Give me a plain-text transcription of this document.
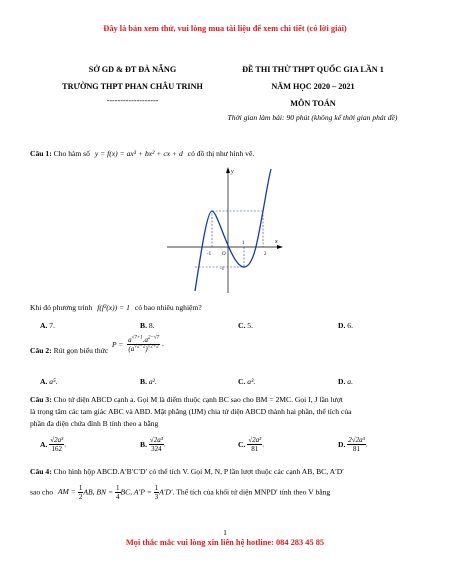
Đây là bản xem thử, vui lòng mua tài liệu để xem chi tiết (có lời giải)
SỞ GD & ĐT ĐÀ NẴNG
TRƯỜNG THPT PHAN CHÂU TRINH
-------------------
ĐỀ THI THỬ THPT QUỐC GIA LẦN 1
NĂM HỌC 2020 – 2021
MÔN TOÁN
Thời gian làm bài: 90 phút (không kể thời gian phát đề)
Câu 1: Cho hàm số y = f(x) = ax³ + bx² + cx + d có đồ thị như hình vẽ.
x
y
-1
1
2
O
-1
Khi đó phương trình f(f²(x)) = 1 có bao nhiêu nghiệm?
A. 7.	B. 8.	C. 5.	D. 6.
Câu 2: Rút gọn biểu thức
$P = \frac{a^{√7+1}.a^{2-√7}}{(a^{√2-2})^{√2+2}}$ .
A. a⁵.	B. a².	C. a³.	D. a.
Câu 3: Cho tứ diện ABCD cạnh a. Gọi M là điểm thuộc cạnh BC sao cho BM = 2MC. Gọi I, J lần lượt
là trọng tâm các tam giác ABC và ABD. Mặt phẳng (IJM) chia tứ diện ABCD thành hai phần, thể tích của
phần đa diện chứa đỉnh B tính theo a bằng
A. $\frac{\text{√2a³}}{162}$ .	B. $\frac{\text{√2a³}}{324}$ .	C. $\frac{\text{√2a³}}{81}$ .	D. $\frac{\text{2√2a³}}{81}$ .
Câu 4: Cho hình hộp ABCD.A′B′C′D′ có thể tích V. Gọi M, N, P lần lượt thuộc các cạnh AB, BC, A′D′
sao cho AM = $\frac{1}{2}$ AB, BN = $\frac{1}{4}$ BC, $A'P = \frac{1}{3} A'D'$. Thể tích của khối tứ diện MNPD′ tính theo V bằng
1
Mọi thắc mắc vui lòng xin liên hệ hotline: 084 283 45 85
